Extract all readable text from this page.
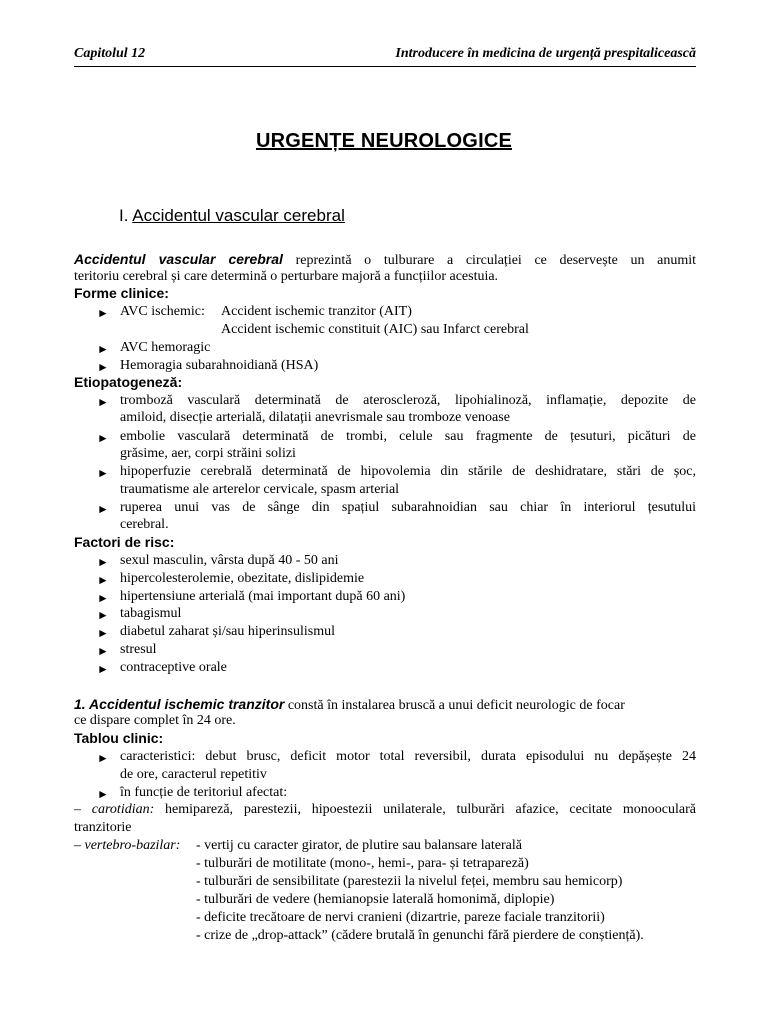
Capitolul 12	Introducere în medicina de urgență prespitalicească
URGENȚE NEUROLOGICE
I. Accidentul vascular cerebral
Accidentul vascular cerebral reprezintă o tulburare a circulației ce deservește un anumit
teritoriu cerebral și care determină o perturbare majoră a funcțiilor acestuia.
Forme clinice:
► AVC ischemic: Accident ischemic tranzitor (AIT)
Accident ischemic constituit (AIC) sau Infarct cerebral
► AVC hemoragic
► Hemoragia subarahnoidiană (HSA)
Etiopatogeneză:
► tromboză vasculară determinată de ateroscleroză, lipohialinoză, inflamație, depozite de
amiloid, disecție arterială, dilatații anevrismale sau tromboze venoase
► embolie vasculară determinată de trombi, celule sau fragmente de țesuturi, picături de
grăsime, aer, corpi străini solizi
► hipoperfuzie cerebrală determinată de hipovolemia din stările de deshidratare, stări de șoc,
traumatisme ale arterelor cervicale, spasm arterial
► ruperea unui vas de sânge din spațiul subarahnoidian sau chiar în interiorul țesutului
cerebral.
Factori de risc:
► sexul masculin, vârsta după 40 - 50 ani
► hipercolesterolemie, obezitate, dislipidemie
► hipertensiune arterială (mai important după 60 ani)
► tabagismul
► diabetul zaharat și/sau hiperinsulismul
► stresul
► contraceptive orale
1. Accidentul ischemic tranzitor constă în instalarea bruscă a unui deficit neurologic de focar
ce dispare complet în 24 ore.
Tablou clinic:
► caracteristici: debut brusc, deficit motor total reversibil, durata episodului nu depășește 24
de ore, caracterul repetitiv
► în funcție de teritoriul afectat:
– carotidian: hemipareză, parestezii, hipoestezii unilaterale, tulburări afazice, cecitate monooculară
tranzitorie
– vertebro-bazilar: - vertij cu caracter girator, de plutire sau balansare laterală
- tulburări de motilitate (mono-, hemi-, para- și tetrapareză)
- tulburări de sensibilitate (parestezii la nivelul feței, membru sau hemicorp)
- tulburări de vedere (hemianopsie laterală homonimă, diplopie)
- deficite trecătoare de nervi cranieni (dizartrie, pareze faciale tranzitorii)
- crize de „drop-attack” (cădere brutală în genunchi fără pierdere de conștiență).
